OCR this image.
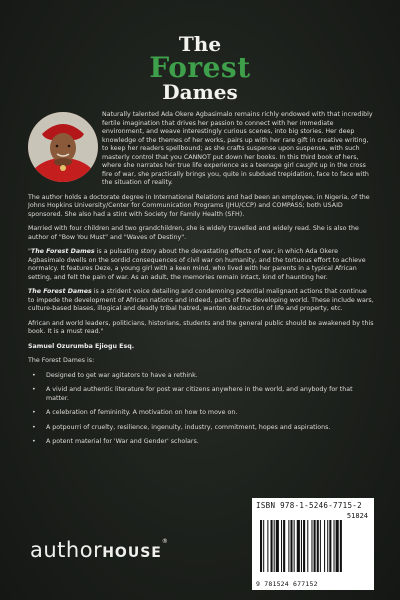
The
Forest
Dames

Naturally talented Ada Okere Agbasimalo remains richly endowed with that incredibly fertile imagination that drives her passion to connect with her immediate environment, and weave interestingly curious scenes, into big stories. Her deep knowledge of the themes of her works, pairs up with her rare gift in creative writing, to keep her readers spellbound; as she crafts suspense upon suspense, with such masterly control that you CANNOT put down her books. In this third book of hers, where she narrates her true life experience as a teenage girl caught up in the cross fire of war, she practically brings you, quite in subdued trepidation, face to face with the situation of reality.

The author holds a doctorate degree in International Relations and had been an employee, in Nigeria, of the Johns Hopkins University/Center for Communication Programs (JHU/CCP) and COMPASS; both USAID sponsored. She also had a stint with Society for Family Health (SFH).

Married with four children and two grandchildren, she is widely travelled and widely read. She is also the author of "Bow You Must" and "Waves of Destiny".

"The Forest Dames is a pulsating story about the devastating effects of war, in which Ada Okere Agbasimalo dwells on the sordid consequences of civil war on humanity, and the tortuous effort to achieve normalcy. It features Deze, a young girl with a keen mind, who lived with her parents in a typical African setting, and felt the pain of war. As an adult, the memories remain intact, kind of haunting her.

The Forest Dames is a strident voice detailing and condemning potential malignant actions that continue to impede the development of African nations and indeed, parts of the developing world. These include wars, culture-based biases, illogical and deadly tribal hatred, wanton destruction of life and property, etc.

African and world leaders, politicians, historians, students and the general public should be awakened by this book. It is a must read."

Samuel Ozurumba Ejiogu Esq.

The Forest Dames is:

• Designed to get war agitators to have a rethink.
• A vivid and authentic literature for post war citizens anywhere in the world, and anybody for that matter.
• A celebration of femininity. A motivation on how to move on.
• A potpourri of cruelty, resilience, ingenuity, industry, commitment, hopes and aspirations.
• A potent material for 'War and Gender' scholars.
authorHOUSE®
ISBN 978-1-5246-7715-2
51824
9 781524 677152
